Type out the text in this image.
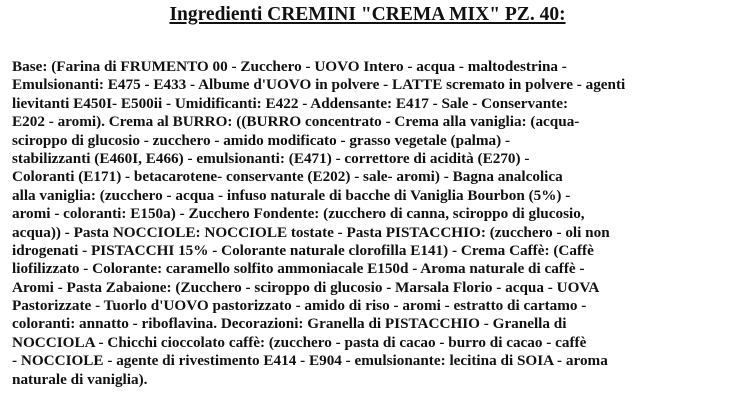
Ingredienti CREMINI "CREMA MIX" PZ. 40:
Base: (Farina di FRUMENTO 00 - Zucchero - UOVO Intero - acqua - maltodestrina -
Emulsionanti: E475 - E433 - Albume d'UOVO in polvere - LATTE scremato in polvere - agenti
lievitanti E450I- E500ii - Umidificanti: E422 - Addensante: E417 - Sale - Conservante:
E202 - aromi). Crema al BURRO: ((BURRO concentrato - Crema alla vaniglia: (acqua-
sciroppo di glucosio - zucchero - amido modificato - grasso vegetale (palma) -
stabilizzanti (E460I, E466) - emulsionanti: (E471) - correttore di acidità (E270) -
Coloranti (E171) - betacarotene- conservante (E202) - sale- aromi) - Bagna analcolica
alla vaniglia: (zucchero - acqua - infuso naturale di bacche di Vaniglia Bourbon (5%) -
aromi - coloranti: E150a) - Zucchero Fondente: (zucchero di canna, sciroppo di glucosio,
acqua)) - Pasta NOCCIOLE: NOCCIOLE tostate - Pasta PISTACCHIO: (zucchero - oli non
idrogenati - PISTACCHI 15% - Colorante naturale clorofilla E141) - Crema Caffè: (Caffè
liofilizzato - Colorante: caramello solfito ammoniacale E150d - Aroma naturale di caffè -
Aromi - Pasta Zabaione: (Zucchero - sciroppo di glucosio - Marsala Florio - acqua - UOVA
Pastorizzate - Tuorlo d'UOVO pastorizzato - amido di riso - aromi - estratto di cartamo -
coloranti: annatto - riboflavina. Decorazioni: Granella di PISTACCHIO - Granella di
NOCCIOLA - Chicchi cioccolato caffè: (zucchero - pasta di cacao - burro di cacao - caffè
- NOCCIOLE - agente di rivestimento E414 - E904 - emulsionante: lecitina di SOIA - aroma
naturale di vaniglia).
